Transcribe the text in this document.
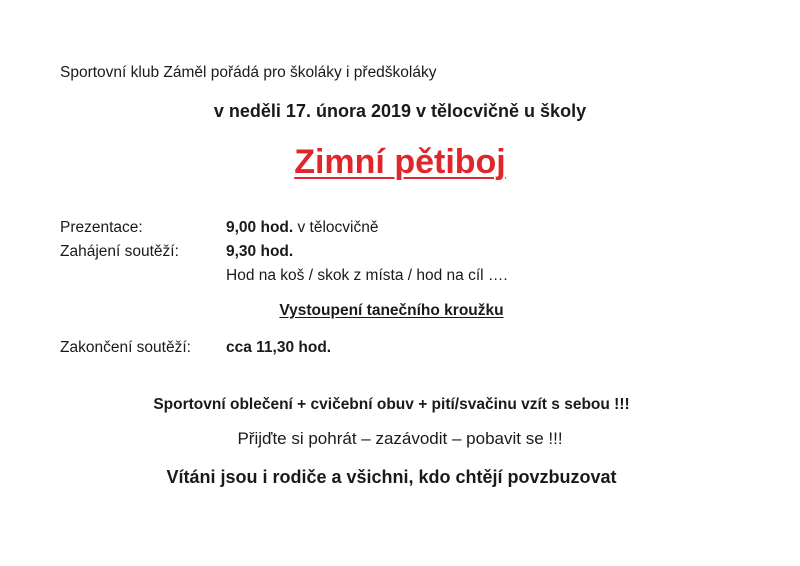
Sportovní klub Záměl pořádá pro školáky i předškoláky
v neděli 17. února 2019 v tělocvičně u školy
Zimní pětiboj
Prezentace:	9,00 hod. v tělocvičně
Zahájení soutěží:	9,30 hod.
Hod na koš / skok z místa / hod na cíl ….
Vystoupení tanečního kroužku
Zakončení soutěží: cca 11,30 hod.
Sportovní oblečení + cvičební obuv + pití/svačinu vzít s sebou !!!
Přijďte si pohrát – zazávodit – pobavit se !!!
Vítáni jsou i rodiče a všichni, kdo chtějí povzbuzovat
